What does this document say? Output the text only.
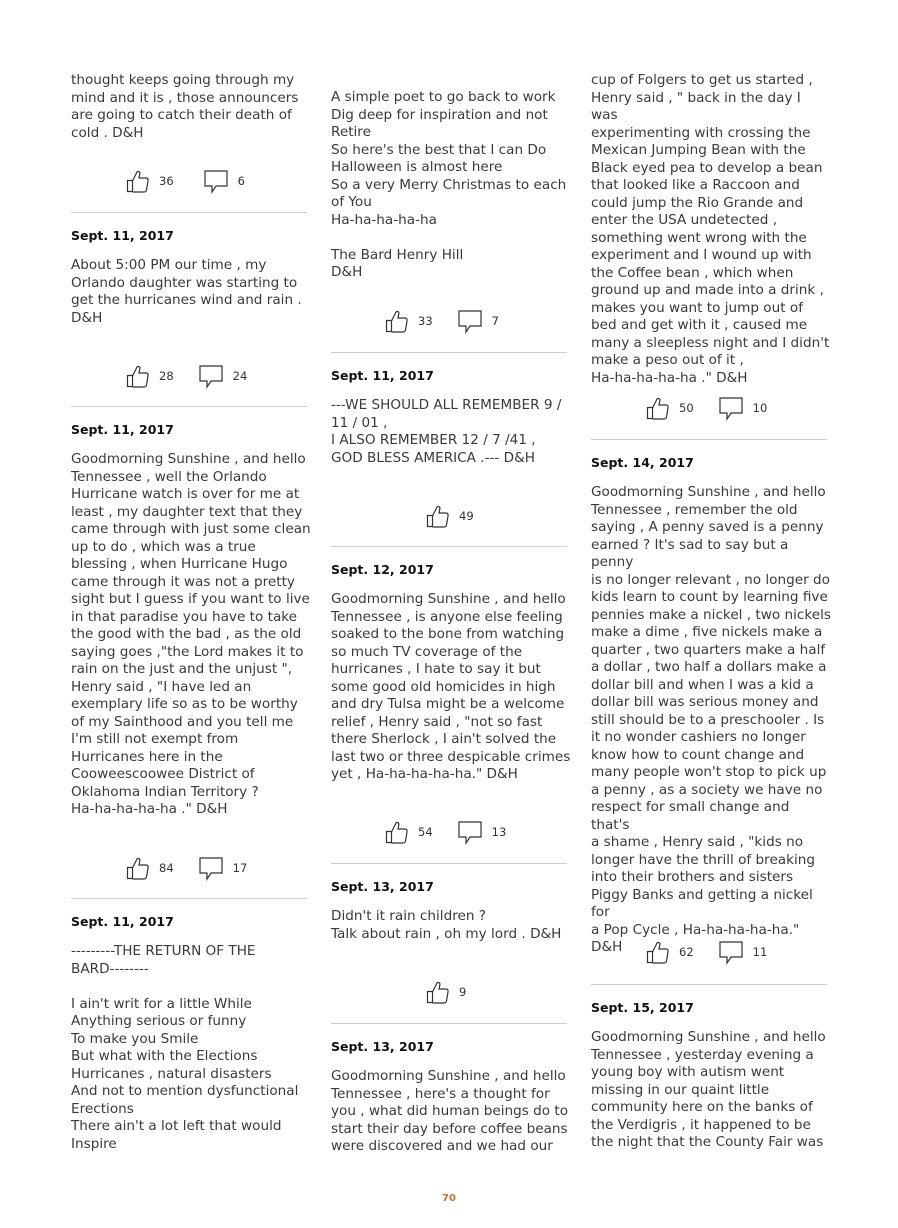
thought keeps going through my
mind and it is , those announcers
are going to catch their death of
cold . D&H

36	6
Sept. 11, 2017

About 5:00 PM our time , my
Orlando daughter was starting to
get the hurricanes wind and rain .
D&H

28	24
Sept. 11, 2017

Goodmorning Sunshine , and hello
Tennessee , well the Orlando
Hurricane watch is over for me at
least , my daughter text that they
came through with just some clean
up to do , which was a true
blessing , when Hurricane Hugo
came through it was not a pretty
sight but I guess if you want to live
in that paradise you have to take
the good with the bad , as the old
saying goes ,"the Lord makes it to
rain on the just and the unjust ",
Henry said , "I have led an
exemplary life so as to be worthy
of my Sainthood and you tell me
I'm still not exempt from
Hurricanes here in the
Cooweescoowee District of
Oklahoma Indian Territory ?
Ha-ha-ha-ha-ha ." D&H

84	17
Sept. 11, 2017

---------THE RETURN OF THE
BARD--------

I ain't writ for a little While
Anything serious or funny
To make you Smile
But what with the Elections
Hurricanes , natural disasters
And not to mention dysfunctional
Erections
There ain't a lot left that would
Inspire

A simple poet to go back to work
Dig deep for inspiration and not
Retire
So here's the best that I can Do
Halloween is almost here
So a very Merry Christmas to each
of You
Ha-ha-ha-ha-ha

The Bard Henry Hill
D&H

33	7
Sept. 11, 2017

---WE SHOULD ALL REMEMBER 9 /
11 / 01 ,
I ALSO REMEMBER 12 / 7 /41 ,
GOD BLESS AMERICA .--- D&H

49
Sept. 12, 2017

Goodmorning Sunshine , and hello
Tennessee , is anyone else feeling
soaked to the bone from watching
so much TV coverage of the
hurricanes , I hate to say it but
some good old homicides in high
and dry Tulsa might be a welcome
relief , Henry said , "not so fast
there Sherlock , I ain't solved the
last two or three despicable crimes
yet , Ha-ha-ha-ha-ha." D&H

54	13
Sept. 13, 2017

Didn't it rain children ?
Talk about rain , oh my lord . D&H

9
Sept. 13, 2017

Goodmorning Sunshine , and hello
Tennessee , here's a thought for
you , what did human beings do to
start their day before coffee beans
were discovered and we had our

cup of Folgers to get us started ,
Henry said , " back in the day I was
experimenting with crossing the
Mexican Jumping Bean with the
Black eyed pea to develop a bean
that looked like a Raccoon and
could jump the Rio Grande and
enter the USA undetected ,
something went wrong with the
experiment and I wound up with
the Coffee bean , which when
ground up and made into a drink ,
makes you want to jump out of
bed and get with it , caused me
many a sleepless night and I didn't
make a peso out of it ,
Ha-ha-ha-ha-ha ." D&H

50	10
Sept. 14, 2017

Goodmorning Sunshine , and hello
Tennessee , remember the old
saying , A penny saved is a penny
earned ? It's sad to say but a penny
is no longer relevant , no longer do
kids learn to count by learning five
pennies make a nickel , two nickels
make a dime , five nickels make a
quarter , two quarters make a half
a dollar , two half a dollars make a
dollar bill and when I was a kid a
dollar bill was serious money and
still should be to a preschooler . Is
it no wonder cashiers no longer
know how to count change and
many people won't stop to pick up
a penny , as a society we have no
respect for small change and that's
a shame , Henry said , "kids no
longer have the thrill of breaking
into their brothers and sisters
Piggy Banks and getting a nickel for
a Pop Cycle , Ha-ha-ha-ha-ha."
D&H	62	11
Sept. 15, 2017

Goodmorning Sunshine , and hello
Tennessee , yesterday evening a
young boy with autism went
missing in our quaint little
community here on the banks of
the Verdigris , it happened to be
the night that the County Fair was

70
